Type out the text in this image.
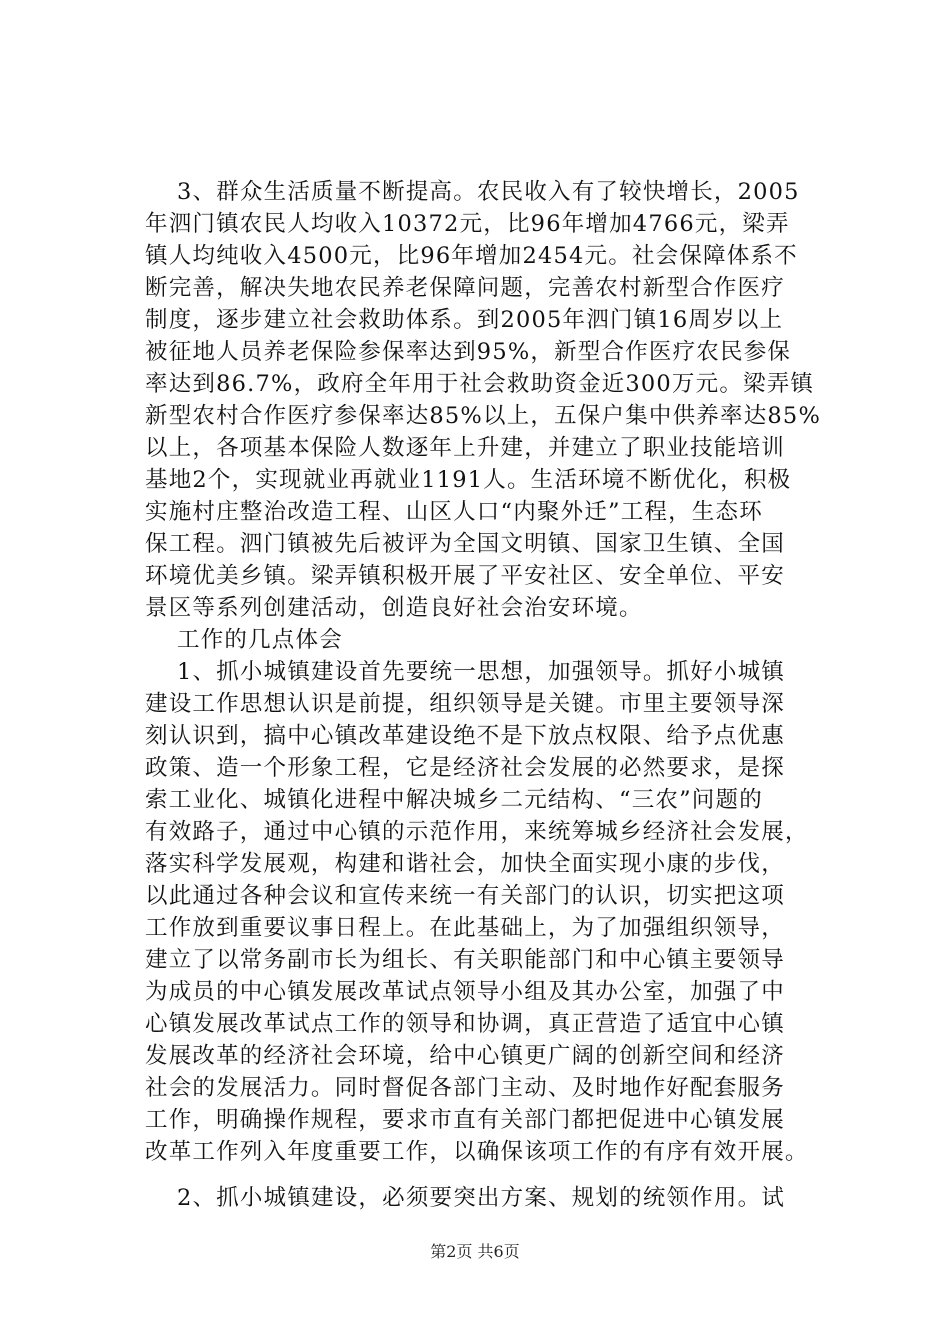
3、群众生活质量不断提高。农民收入有了较快增长，2005
年泗门镇农民人均收入10372元，比96年增加4766元，梁弄
镇人均纯收入4500元，比96年增加2454元。社会保障体系不
断完善，解决失地农民养老保障问题，完善农村新型合作医疗
制度，逐步建立社会救助体系。到2005年泗门镇16周岁以上
被征地人员养老保险参保率达到95%，新型合作医疗农民参保
率达到86.7%，政府全年用于社会救助资金近300万元。梁弄镇
新型农村合作医疗参保率达85%以上，五保户集中供养率达85%
以上，各项基本保险人数逐年上升建，并建立了职业技能培训
基地2个，实现就业再就业1191人。生活环境不断优化，积极
实施村庄整治改造工程、山区人口“内聚外迁”工程，生态环
保工程。泗门镇被先后被评为全国文明镇、国家卫生镇、全国
环境优美乡镇。梁弄镇积极开展了平安社区、安全单位、平安
景区等系列创建活动，创造良好社会治安环境。
工作的几点体会
1、抓小城镇建设首先要统一思想，加强领导。抓好小城镇
建设工作思想认识是前提，组织领导是关键。市里主要领导深
刻认识到，搞中心镇改革建设绝不是下放点权限、给予点优惠
政策、造一个形象工程，它是经济社会发展的必然要求，是探
索工业化、城镇化进程中解决城乡二元结构、“三农”问题的
有效路子，通过中心镇的示范作用，来统筹城乡经济社会发展，
落实科学发展观，构建和谐社会，加快全面实现小康的步伐，
以此通过各种会议和宣传来统一有关部门的认识，切实把这项
工作放到重要议事日程上。在此基础上，为了加强组织领导，
建立了以常务副市长为组长、有关职能部门和中心镇主要领导
为成员的中心镇发展改革试点领导小组及其办公室，加强了中
心镇发展改革试点工作的领导和协调，真正营造了适宜中心镇
发展改革的经济社会环境，给中心镇更广阔的创新空间和经济
社会的发展活力。同时督促各部门主动、及时地作好配套服务
工作，明确操作规程，要求市直有关部门都把促进中心镇发展
改革工作列入年度重要工作，以确保该项工作的有序有效开展。
2、抓小城镇建设，必须要突出方案、规划的统领作用。试
第2页 共6页
